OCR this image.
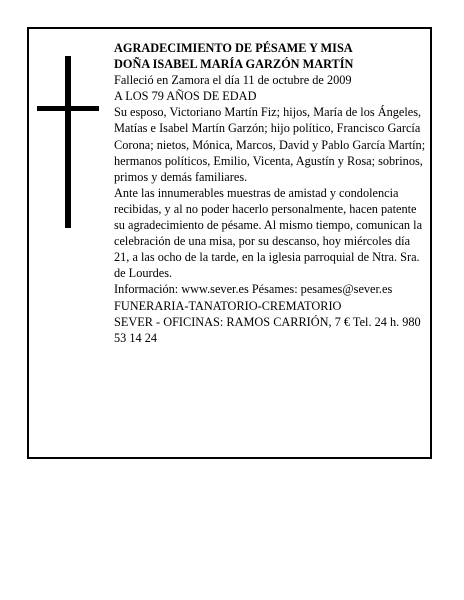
AGRADECIMIENTO DE PÉSAME Y MISA

DOÑA ISABEL MARÍA GARZÓN MARTÍN

Falleció en Zamora el día 11 de octubre de 2009

A LOS 79 AÑOS DE EDAD

Su esposo, Victoriano Martín Fiz; hijos, María de los Ángeles, Matías e Isabel Martín Garzón; hijo político, Francisco García Corona; nietos, Mónica, Marcos, David y Pablo García Martín; hermanos políticos, Emilio, Vicenta, Agustín y Rosa; sobrinos, primos y demás familiares.

Ante las innumerables muestras de amistad y condolencia recibidas, y al no poder hacerlo personalmente, hacen patente su agradecimiento de pésame. Al mismo tiempo, comunican la celebración de una misa, por su descanso, hoy miércoles día 21, a las ocho de la tarde, en la iglesia parroquial de Ntra. Sra. de Lourdes.

Información: www.sever.es Pésames: pesames@sever.es

FUNERARIA-TANATORIO-CREMATORIO

SEVER - OFICINAS: RAMOS CARRIÓN, 7 € Tel. 24 h. 980 53 14 24
